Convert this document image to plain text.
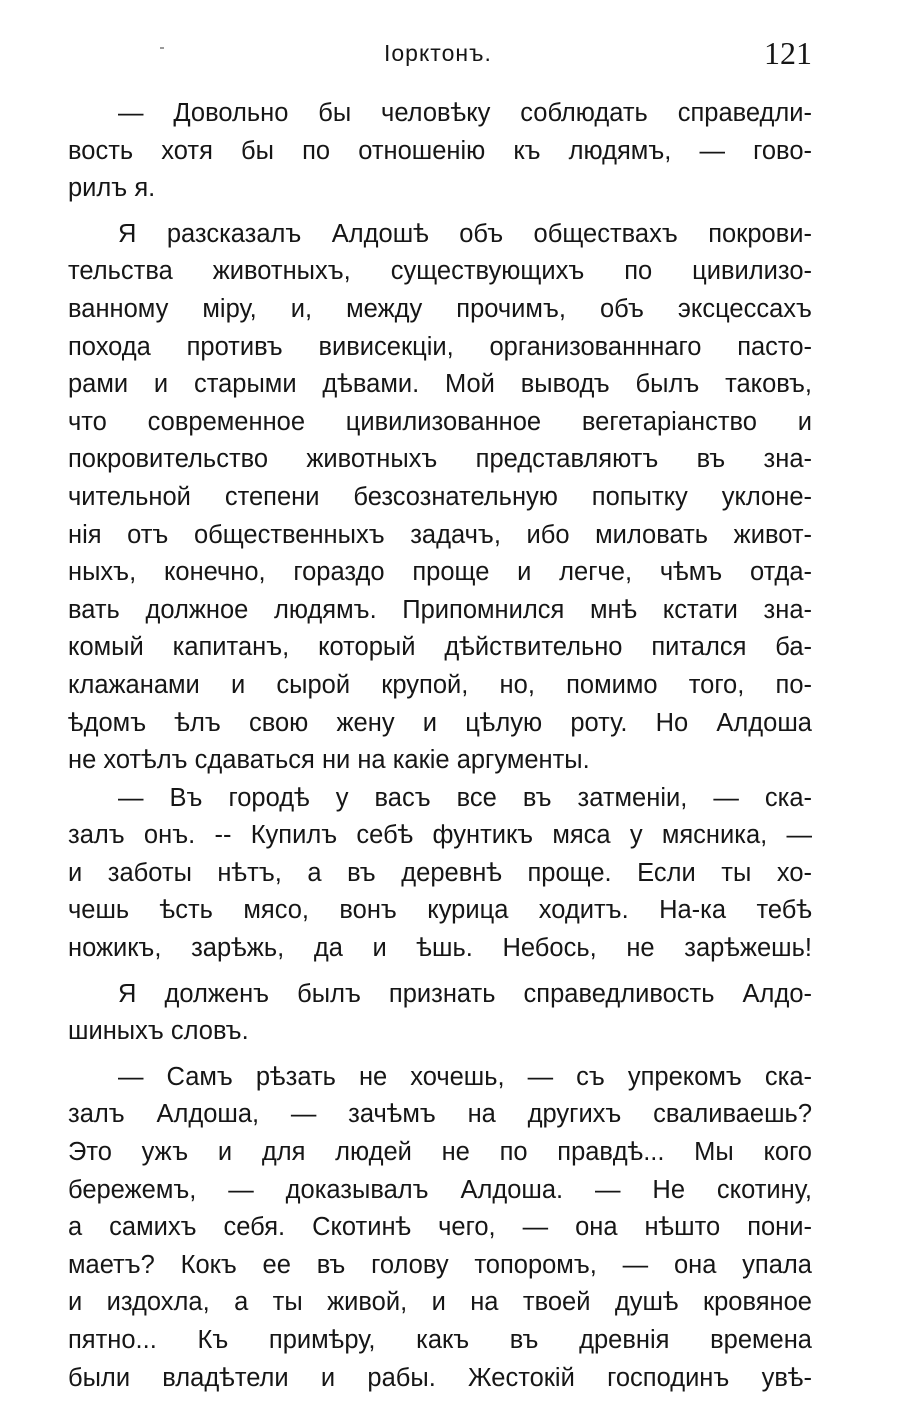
Іорктонъ.	121
— Довольно бы человѣку соблюдать справедли-
вость хотя бы по отношенію къ людямъ, — гово-
рилъ я.
Я разсказалъ Алдошѣ объ обществахъ покрови-
тельства животныхъ, существующихъ по цивилизо-
ванному міру, и, между прочимъ, объ эксцессахъ
похода противъ вивисекціи, организованннаго пасто-
рами и старыми дѣвами. Мой выводъ былъ таковъ,
что современное цивилизованное вегетаріанство и
покровительство животныхъ представляютъ въ зна-
чительной степени безсознательную попытку уклоне-
нія отъ общественныхъ задачъ, ибо миловать живот-
ныхъ, конечно, гораздо проще и легче, чѣмъ отда-
вать должное людямъ. Припомнился мнѣ кстати зна-
комый капитанъ, который дѣйствительно питался ба-
клажанами и сырой крупой, но, помимо того, по-
ѣдомъ ѣлъ свою жену и цѣлую роту. Но Алдоша
не хотѣлъ сдаваться ни на какіе аргументы.
— Въ городѣ у васъ все въ затменіи, — ска-
залъ онъ. -- Купилъ себѣ фунтикъ мяса у мясника, —
и заботы нѣтъ, а въ деревнѣ проще. Если ты хо-
чешь ѣсть мясо, вонъ курица ходитъ. На-ка тебѣ
ножикъ, зарѣжь, да и ѣшь. Небось, не зарѣжешь!
Я долженъ былъ признать справедливость Алдо-
шиныхъ словъ.
— Самъ рѣзать не хочешь, — съ упрекомъ ска-
залъ Алдоша, — зачѣмъ на другихъ сваливаешь?
Это ужъ и для людей не по правдѣ... Мы кого
бережемъ, — доказывалъ Алдоша. — Не скотину,
а самихъ себя. Скотинѣ чего, — она нѣшто пони-
маетъ? Кокъ ее въ голову топоромъ, — она упала
и издохла, а ты живой, и на твоей душѣ кровяное
пятно... Къ примѣру, какъ въ древнія времена
были владѣтели и рабы. Жестокій господинъ увѣ-
